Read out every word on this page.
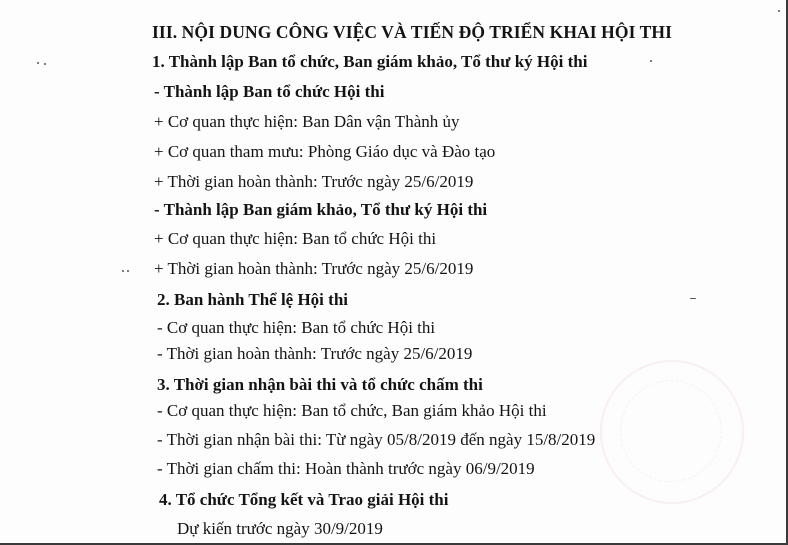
III. NỘI DUNG CÔNG VIỆC VÀ TIẾN ĐỘ TRIỂN KHAI HỘI THI
1. Thành lập Ban tổ chức, Ban giám khảo, Tổ thư ký Hội thi
- Thành lập Ban tổ chức Hội thi
+ Cơ quan thực hiện: Ban Dân vận Thành ủy
+ Cơ quan tham mưu: Phòng Giáo dục và Đào tạo
+ Thời gian hoàn thành: Trước ngày 25/6/2019
- Thành lập Ban giám khảo, Tổ thư ký Hội thi
+ Cơ quan thực hiện: Ban tổ chức Hội thi
+ Thời gian hoàn thành: Trước ngày 25/6/2019
2. Ban hành Thể lệ Hội thi
- Cơ quan thực hiện: Ban tổ chức Hội thi
- Thời gian hoàn thành: Trước ngày 25/6/2019
3. Thời gian nhận bài thi và tổ chức chấm thi
- Cơ quan thực hiện: Ban tổ chức, Ban giám khảo Hội thi
- Thời gian nhận bài thi: Từ ngày 05/8/2019 đến ngày 15/8/2019
- Thời gian chấm thi: Hoàn thành trước ngày 06/9/2019
4. Tổ chức Tổng kết và Trao giải Hội thi
Dự kiến trước ngày 30/9/2019
